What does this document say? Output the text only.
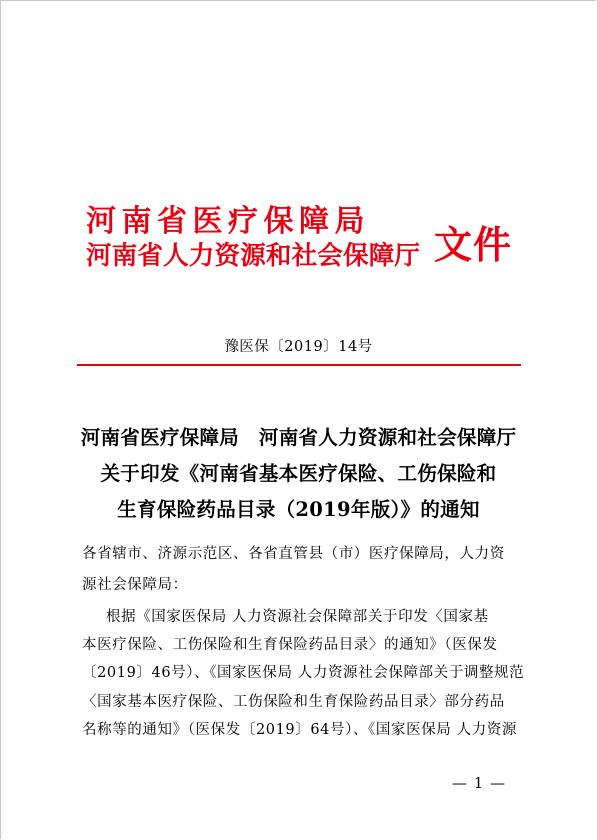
河南省医疗保障局
河南省人力资源和社会保障厅 文件
豫医保〔2019〕14号
河南省医疗保障局　河南省人力资源和社会保障厅
关于印发《河南省基本医疗保险、工伤保险和
生育保险药品目录（2019年版）》的通知
各省辖市、济源示范区、各省直管县（市）医疗保障局，人力资
源社会保障局：
根据《国家医保局 人力资源社会保障部关于印发〈国家基
本医疗保险、工伤保险和生育保险药品目录〉的通知》（医保发
〔2019〕46号）、《国家医保局 人力资源社会保障部关于调整规范
〈国家基本医疗保险、工伤保险和生育保险药品目录〉部分药品
名称等的通知》（医保发〔2019〕64号）、《国家医保局 人力资源
— 1 —
